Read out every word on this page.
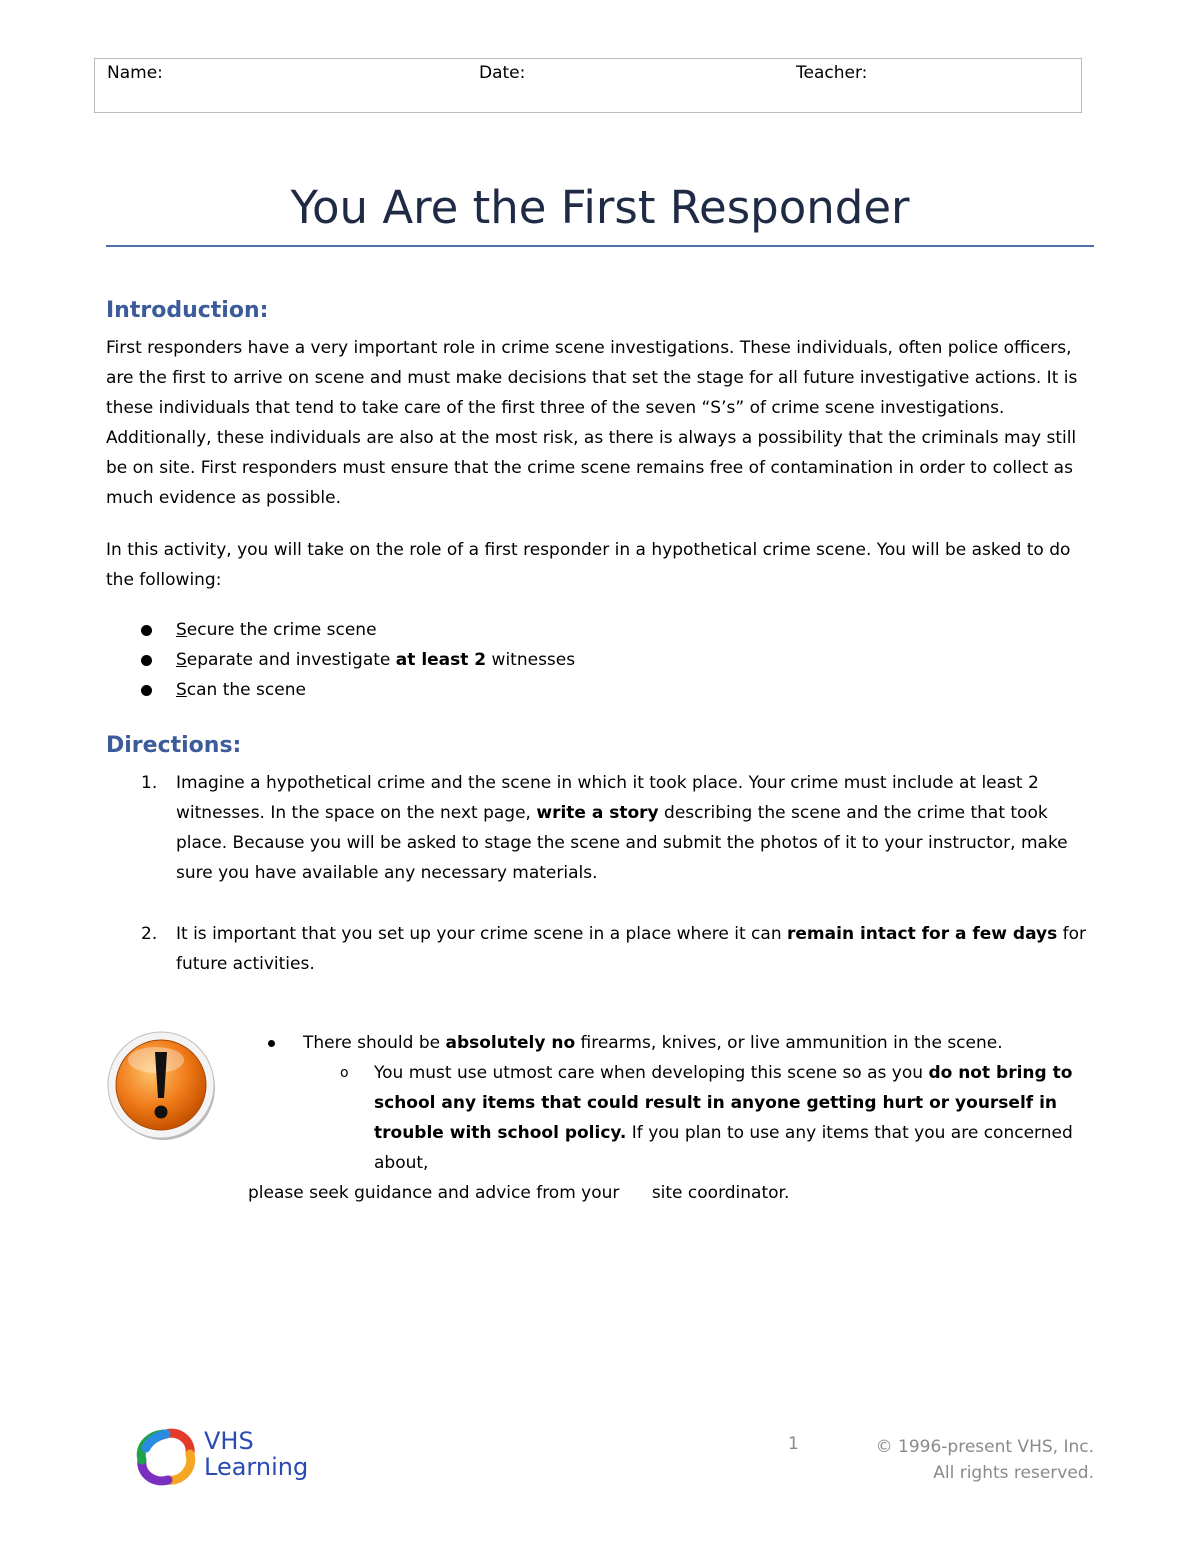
Name:	Date:	Teacher:
You Are the First Responder
Introduction:
First responders have a very important role in crime scene investigations. These individuals, often police officers, are the first to arrive on scene and must make decisions that set the stage for all future investigative actions. It is these individuals that tend to take care of the first three of the seven “S’s” of crime scene investigations. Additionally, these individuals are also at the most risk, as there is always a possibility that the criminals may still be on site. First responders must ensure that the crime scene remains free of contamination in order to collect as much evidence as possible.
In this activity, you will take on the role of a first responder in a hypothetical crime scene. You will be asked to do the following:
Secure the crime scene
Separate and investigate at least 2 witnesses
Scan the scene
Directions:
1. Imagine a hypothetical crime and the scene in which it took place. Your crime must include at least 2 witnesses. In the space on the next page, write a story describing the scene and the crime that took place. Because you will be asked to stage the scene and submit the photos of it to your instructor, make sure you have available any necessary materials.
2. It is important that you set up your crime scene in a place where it can remain intact for a few days for future activities.
There should be absolutely no firearms, knives, or live ammunition in the scene.
o You must use utmost care when developing this scene so as you do not bring to school any items that could result in anyone getting hurt or yourself in trouble with school policy. If you plan to use any items that you are concerned about,
please seek guidance and advice from your      site coordinator.
VHS
Learning
1	© 1996-present VHS, Inc.
All rights reserved.
